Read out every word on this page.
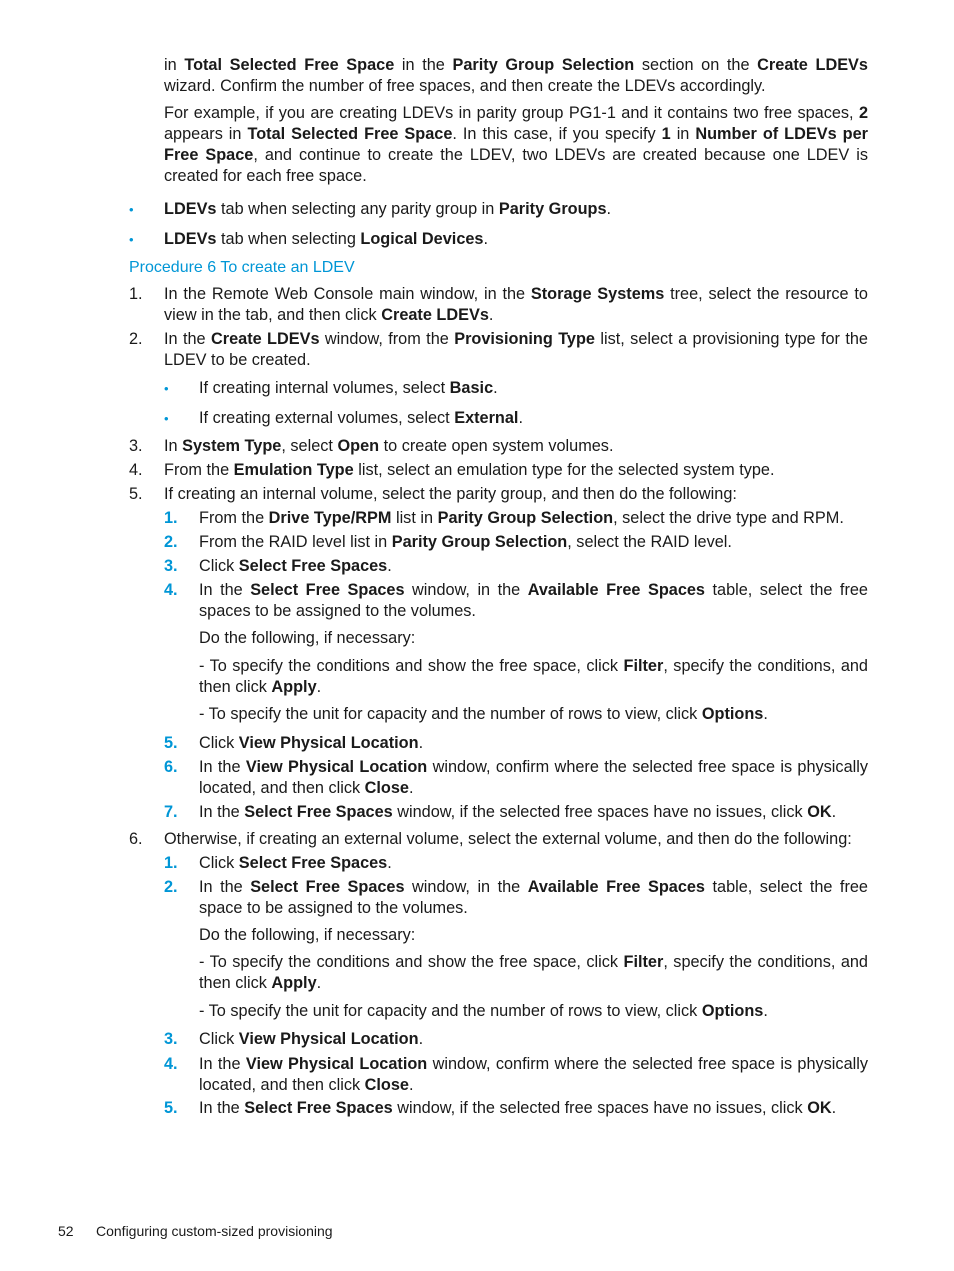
in Total Selected Free Space in the Parity Group Selection section on the Create LDEVs wizard. Confirm the number of free spaces, and then create the LDEVs accordingly.

For example, if you are creating LDEVs in parity group PG1-1 and it contains two free spaces, 2 appears in Total Selected Free Space. In this case, if you specify 1 in Number of LDEVs per Free Space, and continue to create the LDEV, two LDEVs are created because one LDEV is created for each free space.

• LDEVs tab when selecting any parity group in Parity Groups.

• LDEVs tab when selecting Logical Devices.

Procedure 6 To create an LDEV

1. In the Remote Web Console main window, in the Storage Systems tree, select the resource to view in the tab, and then click Create LDEVs.

2. In the Create LDEVs window, from the Provisioning Type list, select a provisioning type for the LDEV to be created.

• If creating internal volumes, select Basic.

• If creating external volumes, select External.

3. In System Type, select Open to create open system volumes.

4. From the Emulation Type list, select an emulation type for the selected system type.

5. If creating an internal volume, select the parity group, and then do the following:

1. From the Drive Type/RPM list in Parity Group Selection, select the drive type and RPM.

2. From the RAID level list in Parity Group Selection, select the RAID level.

3. Click Select Free Spaces.

4. In the Select Free Spaces window, in the Available Free Spaces table, select the free spaces to be assigned to the volumes.

Do the following, if necessary:

- To specify the conditions and show the free space, click Filter, specify the conditions, and then click Apply.

- To specify the unit for capacity and the number of rows to view, click Options.

5. Click View Physical Location.

6. In the View Physical Location window, confirm where the selected free space is physically located, and then click Close.

7. In the Select Free Spaces window, if the selected free spaces have no issues, click OK.

6. Otherwise, if creating an external volume, select the external volume, and then do the following:

1. Click Select Free Spaces.

2. In the Select Free Spaces window, in the Available Free Spaces table, select the free space to be assigned to the volumes.

Do the following, if necessary:

- To specify the conditions and show the free space, click Filter, specify the conditions, and then click Apply.

- To specify the unit for capacity and the number of rows to view, click Options.

3. Click View Physical Location.

4. In the View Physical Location window, confirm where the selected free space is physically located, and then click Close.

5. In the Select Free Spaces window, if the selected free spaces have no issues, click OK.

52 Configuring custom-sized provisioning
